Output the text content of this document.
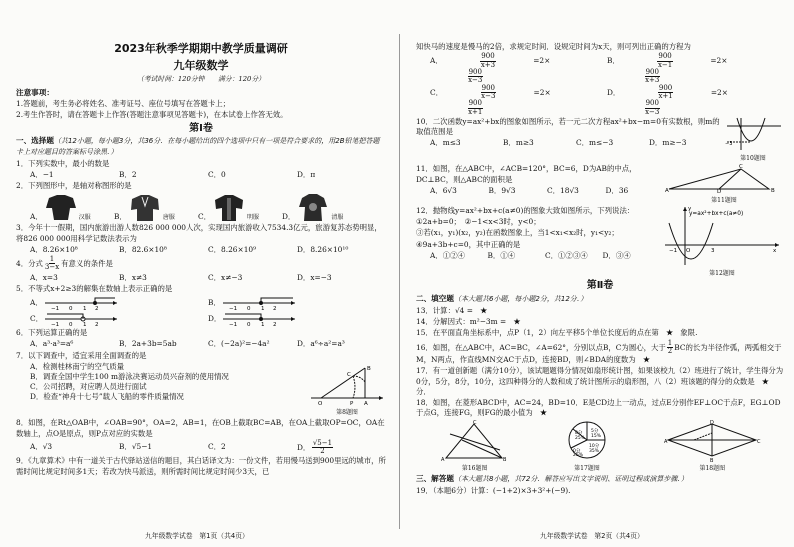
2023年秋季学期期中教学质量调研
九年级数学
（考试时间：120分钟　　满分：120分）
注意事项：
1.答题前，考生务必将姓名、准考证号、座位号填写在答题卡上；
2.考生作答时，请在答题卡上作答(答题注意事项见答题卡)，在本试卷上作答无效。
第Ⅰ卷
一、选择题（共12小题，每小题3分，共36分．在每小题给出的四个选项中只有一项是符合要求的，用2B铅笔把答题卡上对应题目的答案标号涂黑．）
1．下列实数中，最小的数是
A．−1	B．2	C．0	D．π
2．下列图形中，是轴对称图形的是
A．	汉服	B．	唐服	C．	明服	D．	清服
3．今年十一假期，国内旅游出游人数826 000 000人次，实现国内旅游收入7534.3亿元，旅游复苏态势明显，将826 000 000用科学记数法表示为
A．8.26×10⁸	B．82.6×10⁸	C．8.26×10⁹	D．8.26×10¹⁰
4．分式 $\frac{1}{3-x}$ 有意义的条件是
A．x=3	B．x≠3	C．x≠−3	D．x=−3
5．不等式x+2≥3的解集在数轴上表示正确的是
A．
−1 0 1 2
B．
−1 0 1 2
C．
−1 0 1 2
D．
−1 0 1 2
6．下列运算正确的是
A．a³·a³=a⁶	B．2a+3b=5ab	C．(−2a)²=−4a²	D．a⁶÷a²=a³
7．以下调查中，适宜采用全面调查的是
A．检测桂林南宁的空气质量
B．调查全国中学生100 m游泳决赛运动员兴奋剂的使用情况
C．公司招聘，对应聘人员进行面试
D．检查“神舟十七号”载人飞船的零件质量情况
O	P A
B
C
第8题图
8．如图，在Rt△OAB中，∠OAB=90°，OA=2，AB=1，在OB上截取BC=AB，在OA上截取OP=OC，OA在数轴上，点O是原点，则P点对应的实数是
A．√3	B．√5−1	C．2	D． $\frac{√5-1}{2}$
9．《九章算术》中有一道关于古代驿站送信的题目，其白话译文为：一份文件，若用慢马送到900里远的城市，所需时间比规定时间多1天；若改为快马派送，则所需时间比规定时间少3天，已
九年级数学试卷　第1页（共4页）
知快马的速度是慢马的2倍，求规定时间．设规定时间为x天，则可列出正确的方程为
A． $\frac{900}{x+3} =2\times$
$\frac{900}{x-3}$
B． $\frac{900}{x-1} =2\times$
$\frac{900}{x+3}$
C． $\frac{900}{x-3} =2\times$
$\frac{900}{x+1}$
D． $\frac{900}{x+1} =2\times$
$\frac{900}{x-3}$
10．二次函数y=ax²+bx的图象如图所示，若一元二次方程ax²+bx−m=0有实数根，则m的取值范围是
A．m≤3	B．m≥3	C．m≤−3	D．m≥−3	−3
第10题图
11．如图，在△ABC中，∠ACB=120°，BC=6，D为AB的中点，DC⊥BC，则△ABC的面积是
A．6√3	B．9√3	C．18√3	D．36	A	D
C
B
第11题图
12．抛物线y=ax²+bx+c(a≠0)的图象大致如图所示，下列说法：
①2a+b=0；　②−1<x<3时，y<0；
③若(x₁，y₁)(x₂，y₂)在函数图象上，当1<x₁<x₂时，y₁<y₂；
④9a+3b+c=0，其中正确的是
A．①②④	B．①④	C．①②③④	D．③④
y=ax²+bx+c(a≠0)
−1 O	3	x
y
第12题图
第Ⅱ卷
二、填空题（本大题共6小题，每小题2分，共12分．）
13．计算：√4 =　 ★
14．分解因式：m²−3m =　 ★
15．在平面直角坐标系中，点P（1，2）向左平移5个单位长度后的点在第　 ★　 象限.
16．如图，在△ABC中，AC=BC，∠A=62°，分别以点B，C为圆心，大于 $\frac{1}{2}$ BC的长为半径作弧，两弧相交于M，N两点，作直线MN交AC于点D，连接BD，则∠BDA的度数为　 ★
17．有一道创新题（满分10分），该试题题得分情况如扇形统计图，如果该校九（2）班进行了统计，学生得分为0分，5分，8分，10分，这四种得分的人数和成了统计图所示的扇形图，八（2）班该题的得分的众数是　 ★　分．
18．如图，在菱形ABCD中，AC=24，BD=10．E是CD边上一动点，过点E分别作EF⊥OC于点F，EG⊥OD于点G，连接FG，则FG的最小值为　 ★
A	B
C
第16题图
8分
25%
5分
15%
10分
35%
0分
25%
第17题图
A
D
C
B
第18题图
三、解答题（本大题共8小题，共72分．解答应写出文字说明、证明过程或演算步骤．）
19．（本题6分）计算：(−1+2)×3+3²+(−9).
九年级数学试卷　第2页（共4页）
